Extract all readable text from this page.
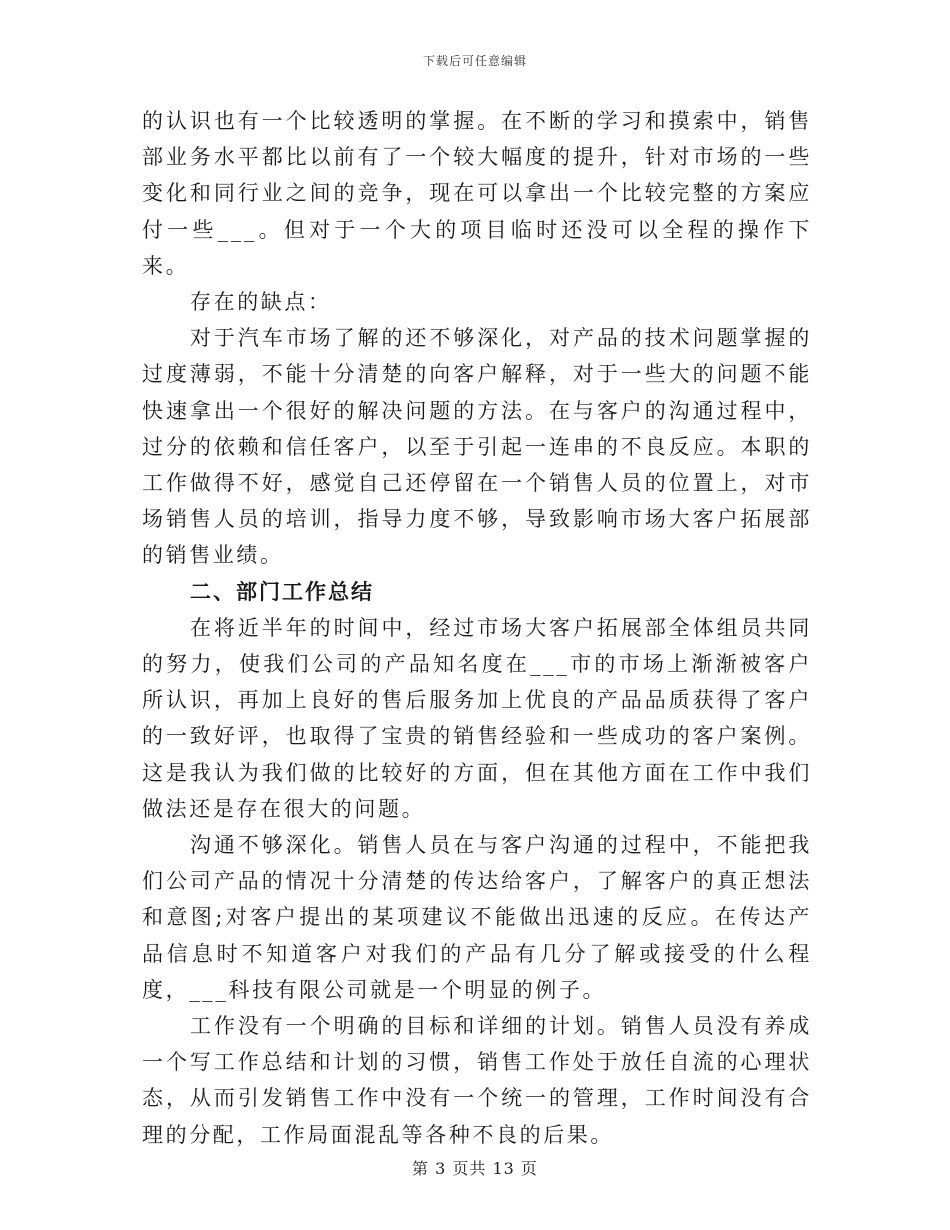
下载后可任意编辑

的认识也有一个比较透明的掌握。在不断的学习和摸索中，销售部业务水平都比以前有了一个较大幅度的提升，针对市场的一些变化和同行业之间的竞争，现在可以拿出一个比较完整的方案应付一些___。但对于一个大的项目临时还没可以全程的操作下来。

存在的缺点：

对于汽车市场了解的还不够深化，对产品的技术问题掌握的过度薄弱，不能十分清楚的向客户解释，对于一些大的问题不能快速拿出一个很好的解决问题的方法。在与客户的沟通过程中，过分的依赖和信任客户，以至于引起一连串的不良反应。本职的工作做得不好，感觉自己还停留在一个销售人员的位置上，对市场销售人员的培训，指导力度不够，导致影响市场大客户拓展部的销售业绩。

二、部门工作总结

在将近半年的时间中，经过市场大客户拓展部全体组员共同的努力，使我们公司的产品知名度在___市的市场上渐渐被客户所认识，再加上良好的售后服务加上优良的产品品质获得了客户的一致好评，也取得了宝贵的销售经验和一些成功的客户案例。这是我认为我们做的比较好的方面，但在其他方面在工作中我们做法还是存在很大的问题。

沟通不够深化。销售人员在与客户沟通的过程中，不能把我们公司产品的情况十分清楚的传达给客户，了解客户的真正想法和意图;对客户提出的某项建议不能做出迅速的反应。在传达产品信息时不知道客户对我们的产品有几分了解或接受的什么程度，___科技有限公司就是一个明显的例子。

工作没有一个明确的目标和详细的计划。销售人员没有养成一个写工作总结和计划的习惯，销售工作处于放任自流的心理状态，从而引发销售工作中没有一个统一的管理，工作时间没有合理的分配，工作局面混乱等各种不良的后果。

第 3 页共 13 页
